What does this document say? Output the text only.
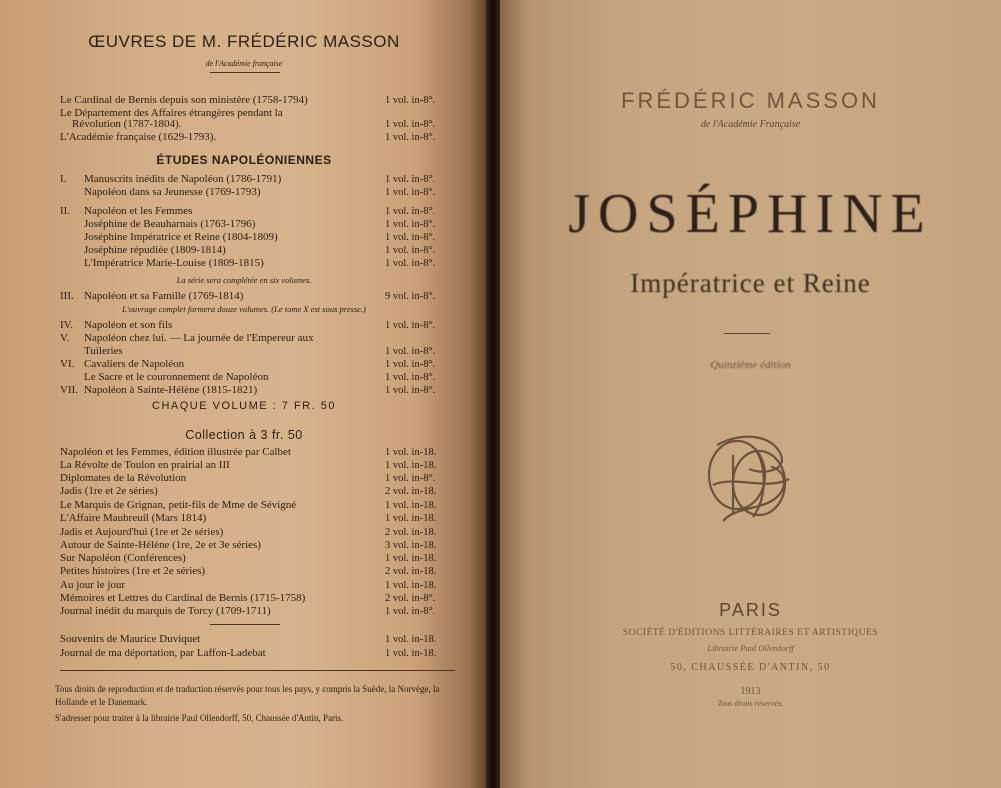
ŒUVRES DE M. FRÉDÉRIC MASSON
de l'Académie française
Le Cardinal de Bernis depuis son ministère (1758-1794)	1 vol. in-8°.
Le Département des Affaires étrangères pendant la
Révolution (1787-1804).	1 vol. in-8°.
L'Académie française (1629-1793).	1 vol. in-8°.
ÉTUDES NAPOLÉONIENNES
I.	Manuscrits inédits de Napoléon (1786-1791)	1 vol. in-8°.
Napoléon dans sa Jeunesse (1769-1793)	1 vol. in-8°.
II.	Napoléon et les Femmes	1 vol. in-8°.
Joséphine de Beauharnais (1763-1796)	1 vol. in-8°.
Joséphine Impératrice et Reine (1804-1809)	1 vol. in-8°.
Joséphine répudiée (1809-1814)	1 vol. in-8°.
L'Impératrice Marie-Louise (1809-1815)	1 vol. in-8°.
La série sera complétée en six volumes.
III. Napoléon et sa Famille (1769-1814)	9 vol. in-8°.
L'ouvrage complet formera douze volumes. (Le tome X est sous presse.)
IV.	Napoléon et son fils	1 vol. in-8°.
V.	Napoléon chez lui. — La journée de l'Empereur aux
Tuileries	1 vol. in-8°.
VI. Cavaliers de Napoléon	1 vol. in-8°.
Le Sacre et le couronnement de Napoléon	1 vol. in-8°.
VII. Napoléon à Sainte-Hélène (1815-1821)	1 vol. in-8°.
CHAQUE VOLUME : 7 FR. 50
Collection à 3 fr. 50
Napoléon et les Femmes, édition illustrée par Calbet	1 vol. in-18.
La Révolte de Toulon en prairial an III	1 vol. in-18.
Diplomates de la Révolution	1 vol. in-8°.
Jadis (1re et 2e séries)	2 vol. in-18.
Le Marquis de Grignan, petit-fils de Mme de Sévigné	1 vol. in-18.
L'Affaire Maubreuil (Mars 1814)	1 vol. in-18.
Jadis et Aujourd'hui (1re et 2e séries)	2 vol. in-18.
Autour de Sainte-Hélène (1re, 2e et 3e séries)	3 vol. in-18.
Sur Napoléon (Conférences)	1 vol. in-18.
Petites histoires (1re et 2e séries)	2 vol. in-18.
Au jour le jour	1 vol. in-18.
Mémoires et Lettres du Cardinal de Bernis (1715-1758)	2 vol. in-8°.
Journal inédit du marquis de Torcy (1709-1711)	1 vol. in-8°.
Souvenirs de Maurice Duviquet	1 vol. in-18.
Journal de ma déportation, par Laffon-Ladebat	1 vol. in-18.
Tous droits de reproduction et de traduction réservés pour tous les pays, y compris la Suède, la Norvège, la Hollande et le Danemark.
S'adresser pour traiter à la librairie Paul Ollendorff, 50, Chaussée d'Antin, Paris.
FRÉDÉRIC MASSON
de l'Académie Française
JOSÉPHINE
Impératrice et Reine
Quinzième édition
PARIS
SOCIÉTÉ D'ÉDITIONS LITTÉRAIRES ET ARTISTIQUES
Librairie Paul Ollendorff
50, CHAUSSÉE D'ANTIN, 50
1913
Tous droits réservés.
